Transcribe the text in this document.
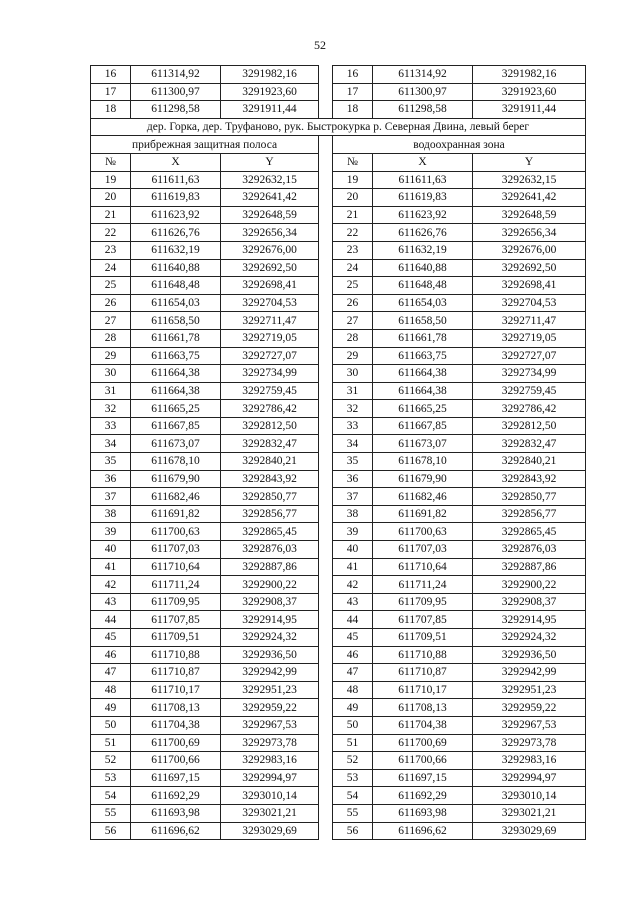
52
16	611314,92	3291982,16		16	611314,92	3291982,16
17	611300,97	3291923,60		17	611300,97	3291923,60
18	611298,58	3291911,44		18	611298,58	3291911,44
дер. Горка, дер. Труфаново, рук. Быстрокурка р. Северная Двина, левый берег						
прибрежная защитная полоса				водоохранная зона		
№	X	Y		№	X	Y
19	611611,63	3292632,15		19	611611,63	3292632,15
20	611619,83	3292641,42		20	611619,83	3292641,42
21	611623,92	3292648,59		21	611623,92	3292648,59
22	611626,76	3292656,34		22	611626,76	3292656,34
23	611632,19	3292676,00		23	611632,19	3292676,00
24	611640,88	3292692,50		24	611640,88	3292692,50
25	611648,48	3292698,41		25	611648,48	3292698,41
26	611654,03	3292704,53		26	611654,03	3292704,53
27	611658,50	3292711,47		27	611658,50	3292711,47
28	611661,78	3292719,05		28	611661,78	3292719,05
29	611663,75	3292727,07		29	611663,75	3292727,07
30	611664,38	3292734,99		30	611664,38	3292734,99
31	611664,38	3292759,45		31	611664,38	3292759,45
32	611665,25	3292786,42		32	611665,25	3292786,42
33	611667,85	3292812,50		33	611667,85	3292812,50
34	611673,07	3292832,47		34	611673,07	3292832,47
35	611678,10	3292840,21		35	611678,10	3292840,21
36	611679,90	3292843,92		36	611679,90	3292843,92
37	611682,46	3292850,77		37	611682,46	3292850,77
38	611691,82	3292856,77		38	611691,82	3292856,77
39	611700,63	3292865,45		39	611700,63	3292865,45
40	611707,03	3292876,03		40	611707,03	3292876,03
41	611710,64	3292887,86		41	611710,64	3292887,86
42	611711,24	3292900,22		42	611711,24	3292900,22
43	611709,95	3292908,37		43	611709,95	3292908,37
44	611707,85	3292914,95		44	611707,85	3292914,95
45	611709,51	3292924,32		45	611709,51	3292924,32
46	611710,88	3292936,50		46	611710,88	3292936,50
47	611710,87	3292942,99		47	611710,87	3292942,99
48	611710,17	3292951,23		48	611710,17	3292951,23
49	611708,13	3292959,22		49	611708,13	3292959,22
50	611704,38	3292967,53		50	611704,38	3292967,53
51	611700,69	3292973,78		51	611700,69	3292973,78
52	611700,66	3292983,16		52	611700,66	3292983,16
53	611697,15	3292994,97		53	611697,15	3292994,97
54	611692,29	3293010,14		54	611692,29	3293010,14
55	611693,98	3293021,21		55	611693,98	3293021,21
56	611696,62	3293029,69		56	611696,62	3293029,69
